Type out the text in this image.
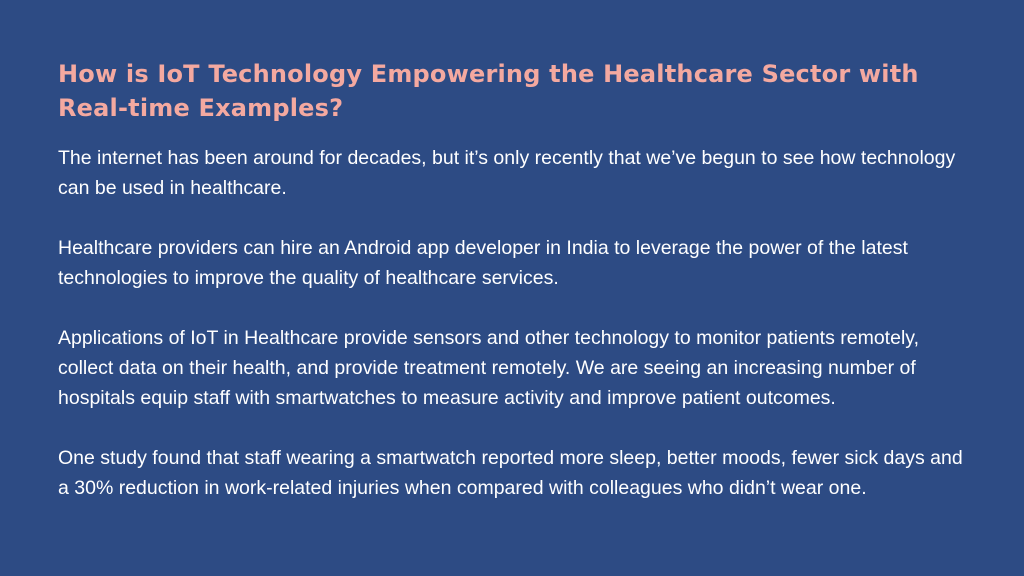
How is IoT Technology Empowering the Healthcare Sector with Real-time Examples?

The internet has been around for decades, but it’s only recently that we’ve begun to see how technology can be used in healthcare.

Healthcare providers can hire an Android app developer in India to leverage the power of the latest technologies to improve the quality of healthcare services.

Applications of IoT in Healthcare provide sensors and other technology to monitor patients remotely, collect data on their health, and provide treatment remotely. We are seeing an increasing number of hospitals equip staff with smartwatches to measure activity and improve patient outcomes.

One study found that staff wearing a smartwatch reported more sleep, better moods, fewer sick days and a 30% reduction in work-related injuries when compared with colleagues who didn’t wear one.
